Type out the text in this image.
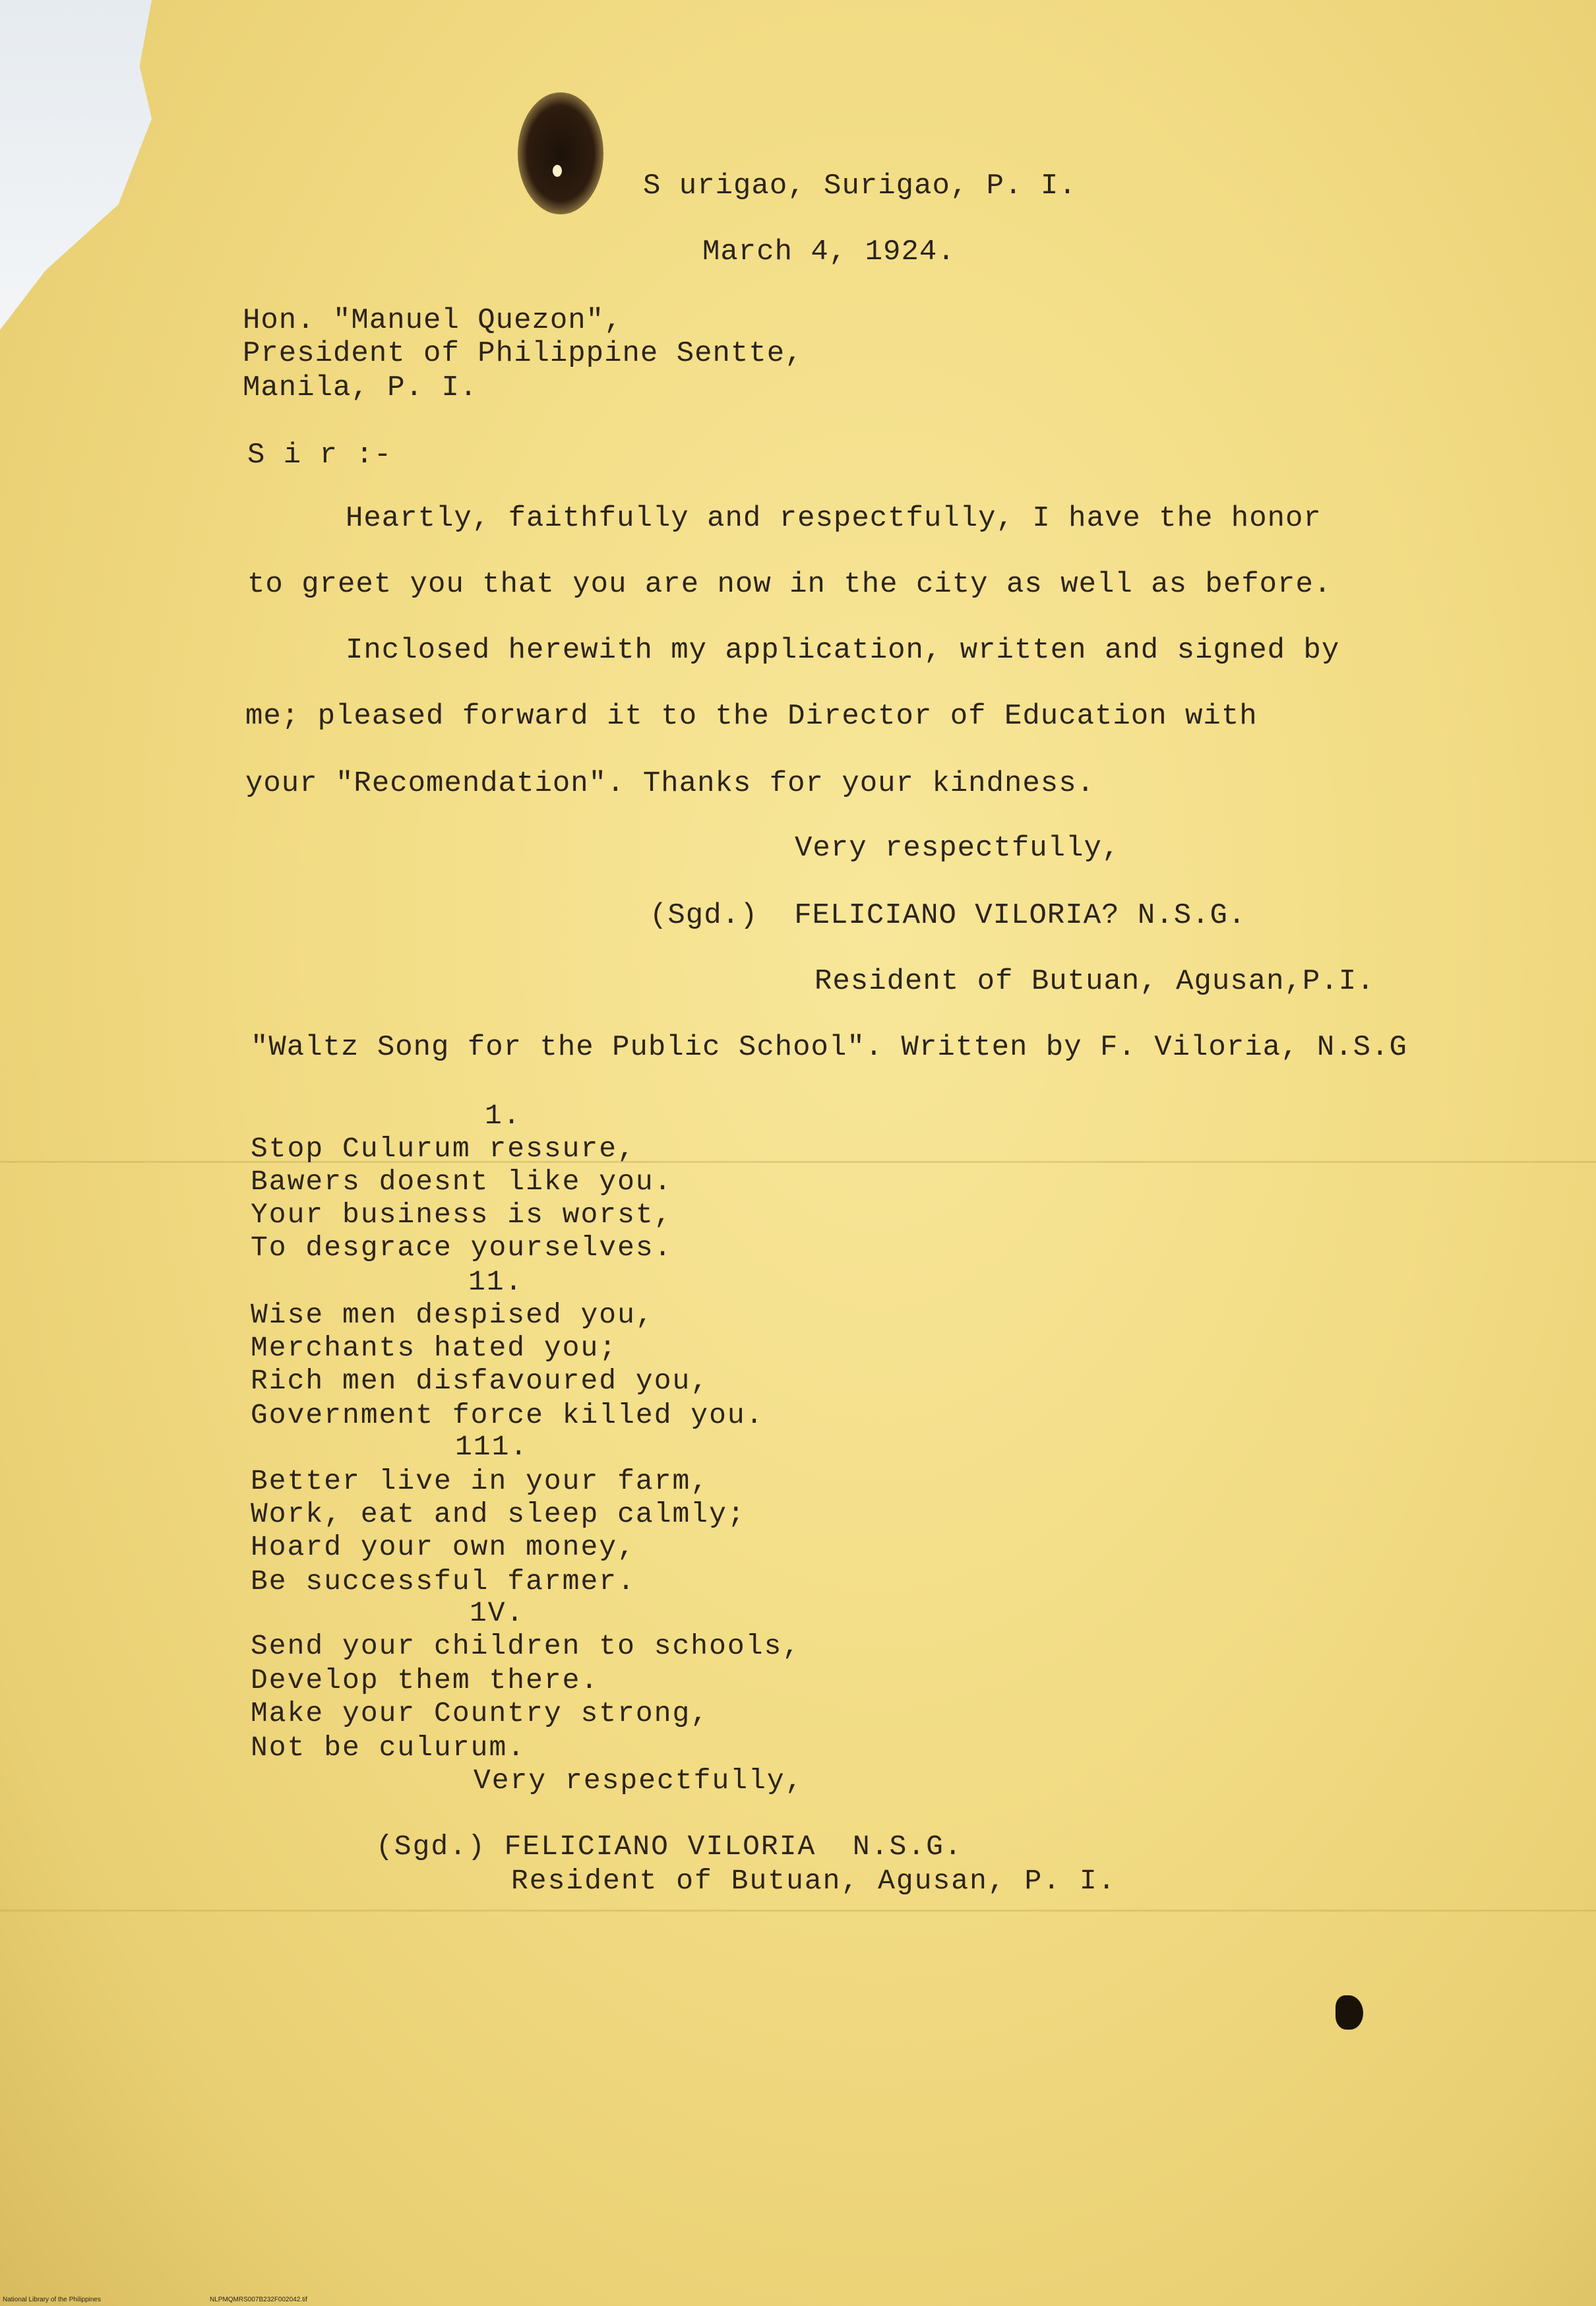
S urigao, Surigao, P. I.
March 4, 1924.
Hon. "Manuel Quezon",
President of Philippine Sentte,
Manila, P. I.
S i r :-
Heartly, faithfully and respectfully, I have the honor
to greet you that you are now in the city as well as before.
Inclosed herewith my application, written and signed by
me; pleased forward it to the Director of Education with
your "Recomendation". Thanks for your kindness.
Very respectfully,
(Sgd.)  FELICIANO VILORIA? N.S.G.
Resident of Butuan, Agusan,P.I.
"Waltz Song for the Public School". Written by F. Viloria, N.S.G
1.
Stop Culurum ressure,
Bawers doesnt like you.
Your business is worst,
To desgrace yourselves.
11.
Wise men despised you,
Merchants hated you;
Rich men disfavoured you,
Government force killed you.
111.
Better live in your farm,
Work, eat and sleep calmly;
Hoard your own money,
Be successful farmer.
1V.
Send your children to schools,
Develop them there.
Make your Country strong,
Not be culurum.
Very respectfully,
(Sgd.) FELICIANO VILORIA  N.S.G.
Resident of Butuan, Agusan, P. I.
National Library of the Philippines	NLPMQMRS007B232F002042.tif
